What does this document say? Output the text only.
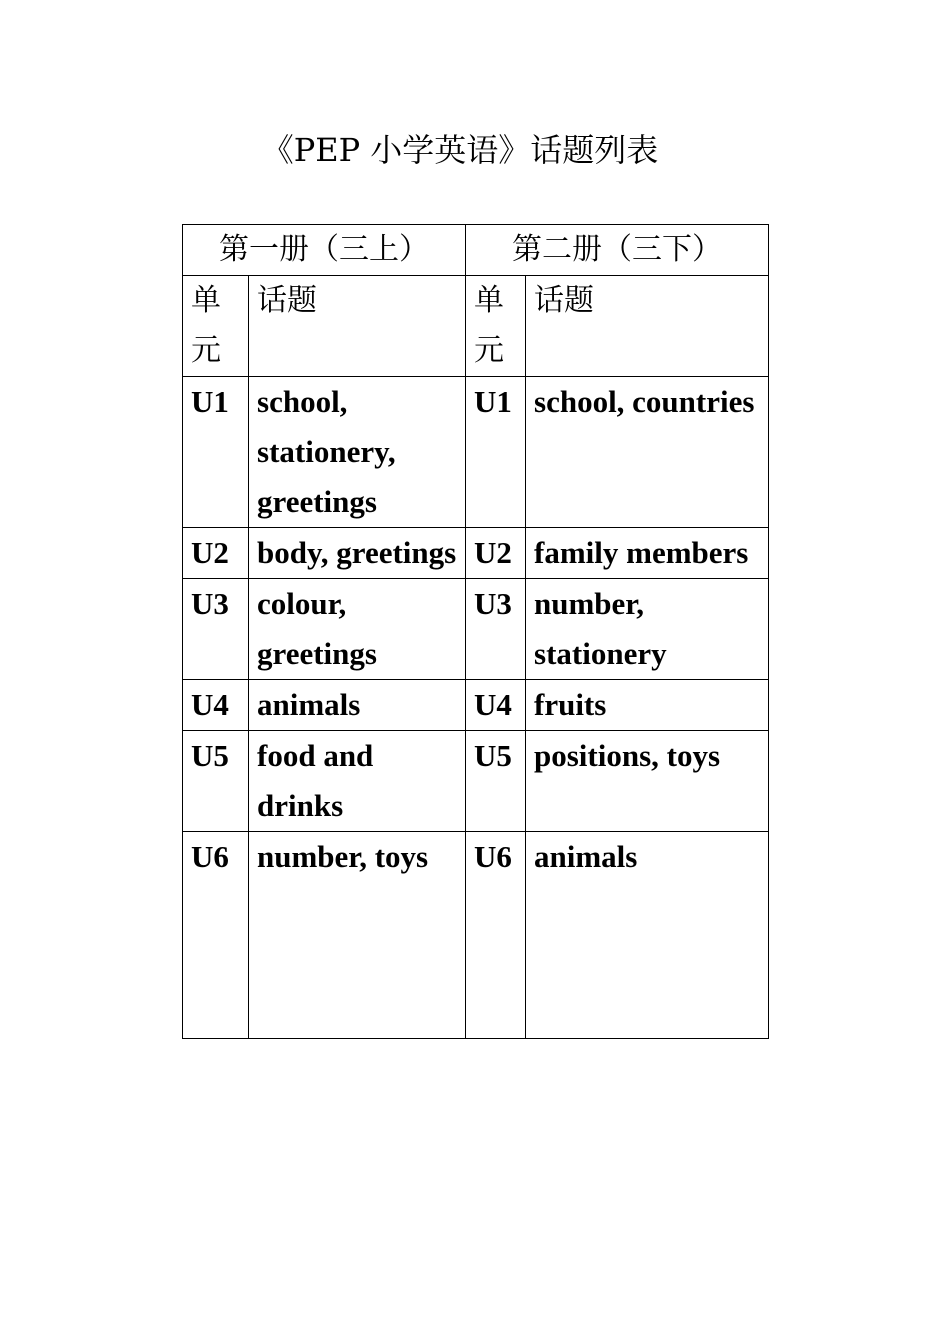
《PEP 小学英语》话题列表
第一册（三上）		第二册（三下）	
单元	话题	单元	话题
U1	school, stationery, greetings	U1	school, countries
U2	body, greetings	U2	family members
U3	colour, greetings	U3	number, stationery
U4	animals	U4	fruits
U5	food and drinks	U5	positions, toys
U6	number, toys	U6	animals
